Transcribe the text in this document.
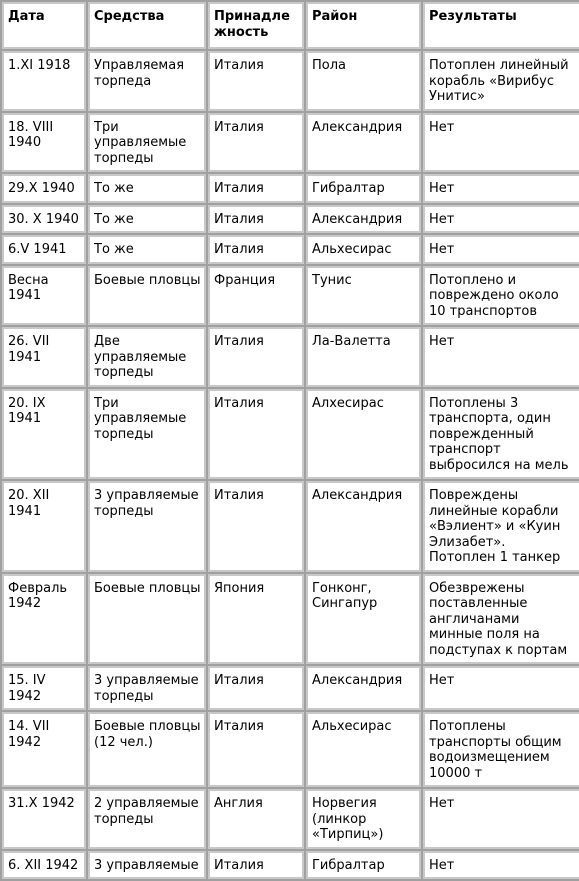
Дата	Средства	Принадлежность	Район	Результаты
1.XI 1918	Управляемая торпеда	Италия	Пола	Потоплен линейный корабль «Вирибус Унитис»
18. VIII 1940	Три управляемые торпеды	Италия	Александрия	Нет
29.X 1940	То же	Италия	Гибралтар	Нет
30. X 1940	То же	Италия	Александрия	Нет
6.V 1941	То же	Италия	Альхесирас	Нет
Весна 1941	Боевые пловцы	Франция	Тунис	Потоплено и повреждено около 10 транспортов
26. VII 1941	Две управляемые торпеды	Италия	Ла-Валетта	Нет
20. IX 1941	Три управляемые торпеды	Италия	Алхесирас	Потоплены 3 транспорта, один поврежденный транспорт выбросился на мель
20. XII 1941	3 управляемые торпеды	Италия	Александрия	Повреждены линейные корабли «Вэлиент» и «Куин Элизабет». Потоплен 1 танкер
Февраль 1942	Боевые пловцы	Япония	Гонконг, Сингапур	Обезврежены поставленные англичанами минные поля на подступах к портам
15. IV 1942	3 управляемые торпеды	Италия	Александрия	Нет
14. VII 1942	Боевые пловцы (12 чел.)	Италия	Альхесирас	Потоплены транспорты общим водоизмещением 10000 т
31.X 1942	2 управляемые торпеды	Англия	Норвегия (линкор «Тирпиц»)	Нет
6. XII 1942	3 управляемые	Италия	Гибралтар	Нет
